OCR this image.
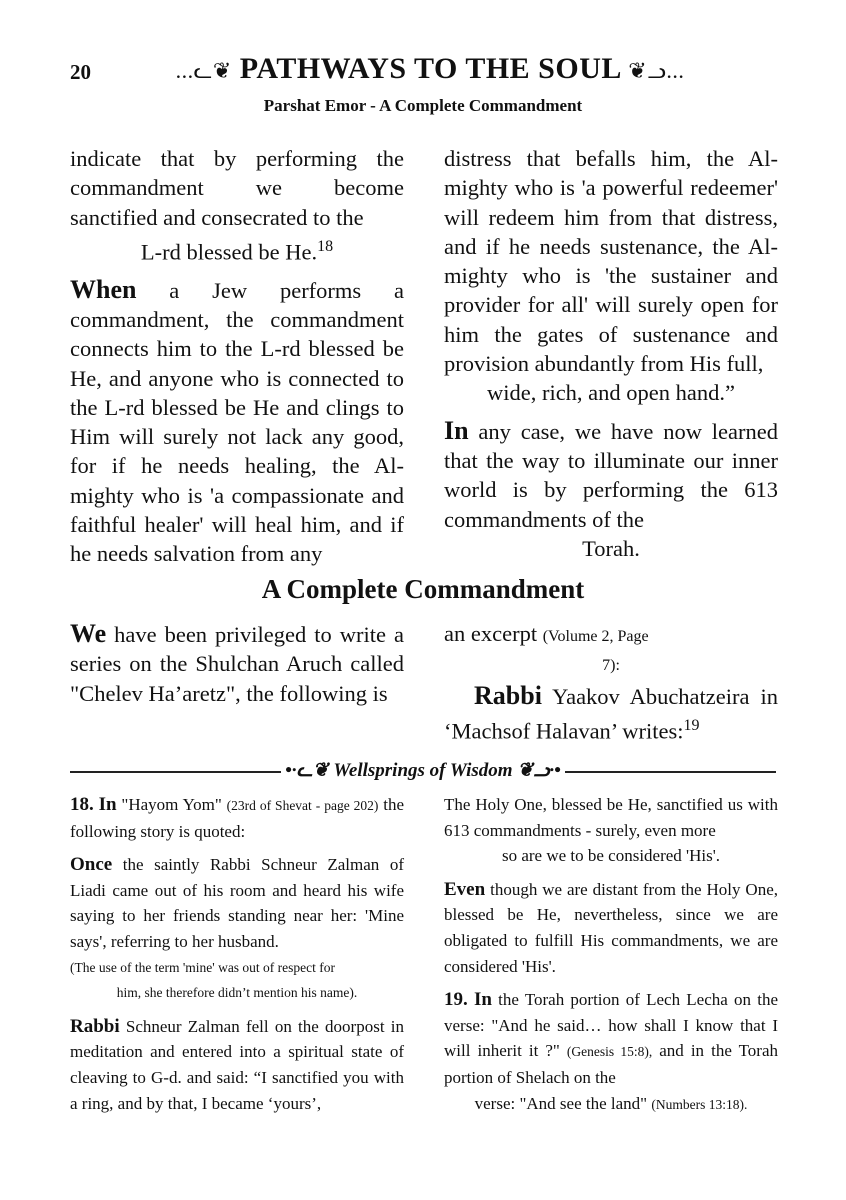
20	...ᓚ❦ PATHWAYS TO THE SOUL ❦ᓗ...
Parshat Emor - A Complete Commandment

indicate that by performing the commandment we become sanctified and consecrated to the

L-rd blessed be He.$^{18}$

When a Jew performs a commandment, the commandment connects him to the L-rd blessed be He, and anyone who is connected to the L-rd blessed be He and clings to Him will surely not lack any good, for if he needs healing, the Al-mighty who is 'a compassionate and faithful healer' will heal him, and if he needs salvation from any

distress that befalls him, the Al-mighty who is 'a powerful redeemer' will redeem him from that distress, and if he needs sustenance, the Al-mighty who is 'the sustainer and provider for all' will surely open for him the gates of sustenance and provision abundantly from His full,

wide, rich, and open hand.”

In any case, we have now learned that the way to illuminate our inner world is by performing the 613 commandments of the

Torah.

A Complete Commandment

We have been privileged to write a series on the Shulchan Aruch called "Chelev Ha’aretz", the following is

an excerpt (Volume 2, Page

7):

Rabbi Yaakov Abuchatzeira in ‘Machsof Halavan’ writes:$^{19}$

•∙ᓚ❦ Wellsprings of Wisdom ❦ᓗ∙•

18. In "Hayom Yom" (23rd of Shevat - page 202) the following story is quoted:

Once the saintly Rabbi Schneur Zalman of Liadi came out of his room and heard his wife saying to her friends standing near her: 'Mine says', referring to her husband.

(The use of the term 'mine' was out of respect for

him, she therefore didn’t mention his name).

Rabbi Schneur Zalman fell on the doorpost in meditation and entered into a spiritual state of cleaving to G-d. and said: “I sanctified you with a ring, and by that, I became ‘yours’,

The Holy One, blessed be He, sanctified us with 613 commandments - surely, even more

so are we to be considered 'His'.

Even though we are distant from the Holy One, blessed be He, nevertheless, since we are obligated to fulfill His commandments, we are considered 'His'.

19. In the Torah portion of Lech Lecha on the verse: "And he said… how shall I know that I will inherit it ?" (Genesis 15:8), and in the Torah portion of Shelach on the

verse: "And see the land" (Numbers 13:18).
